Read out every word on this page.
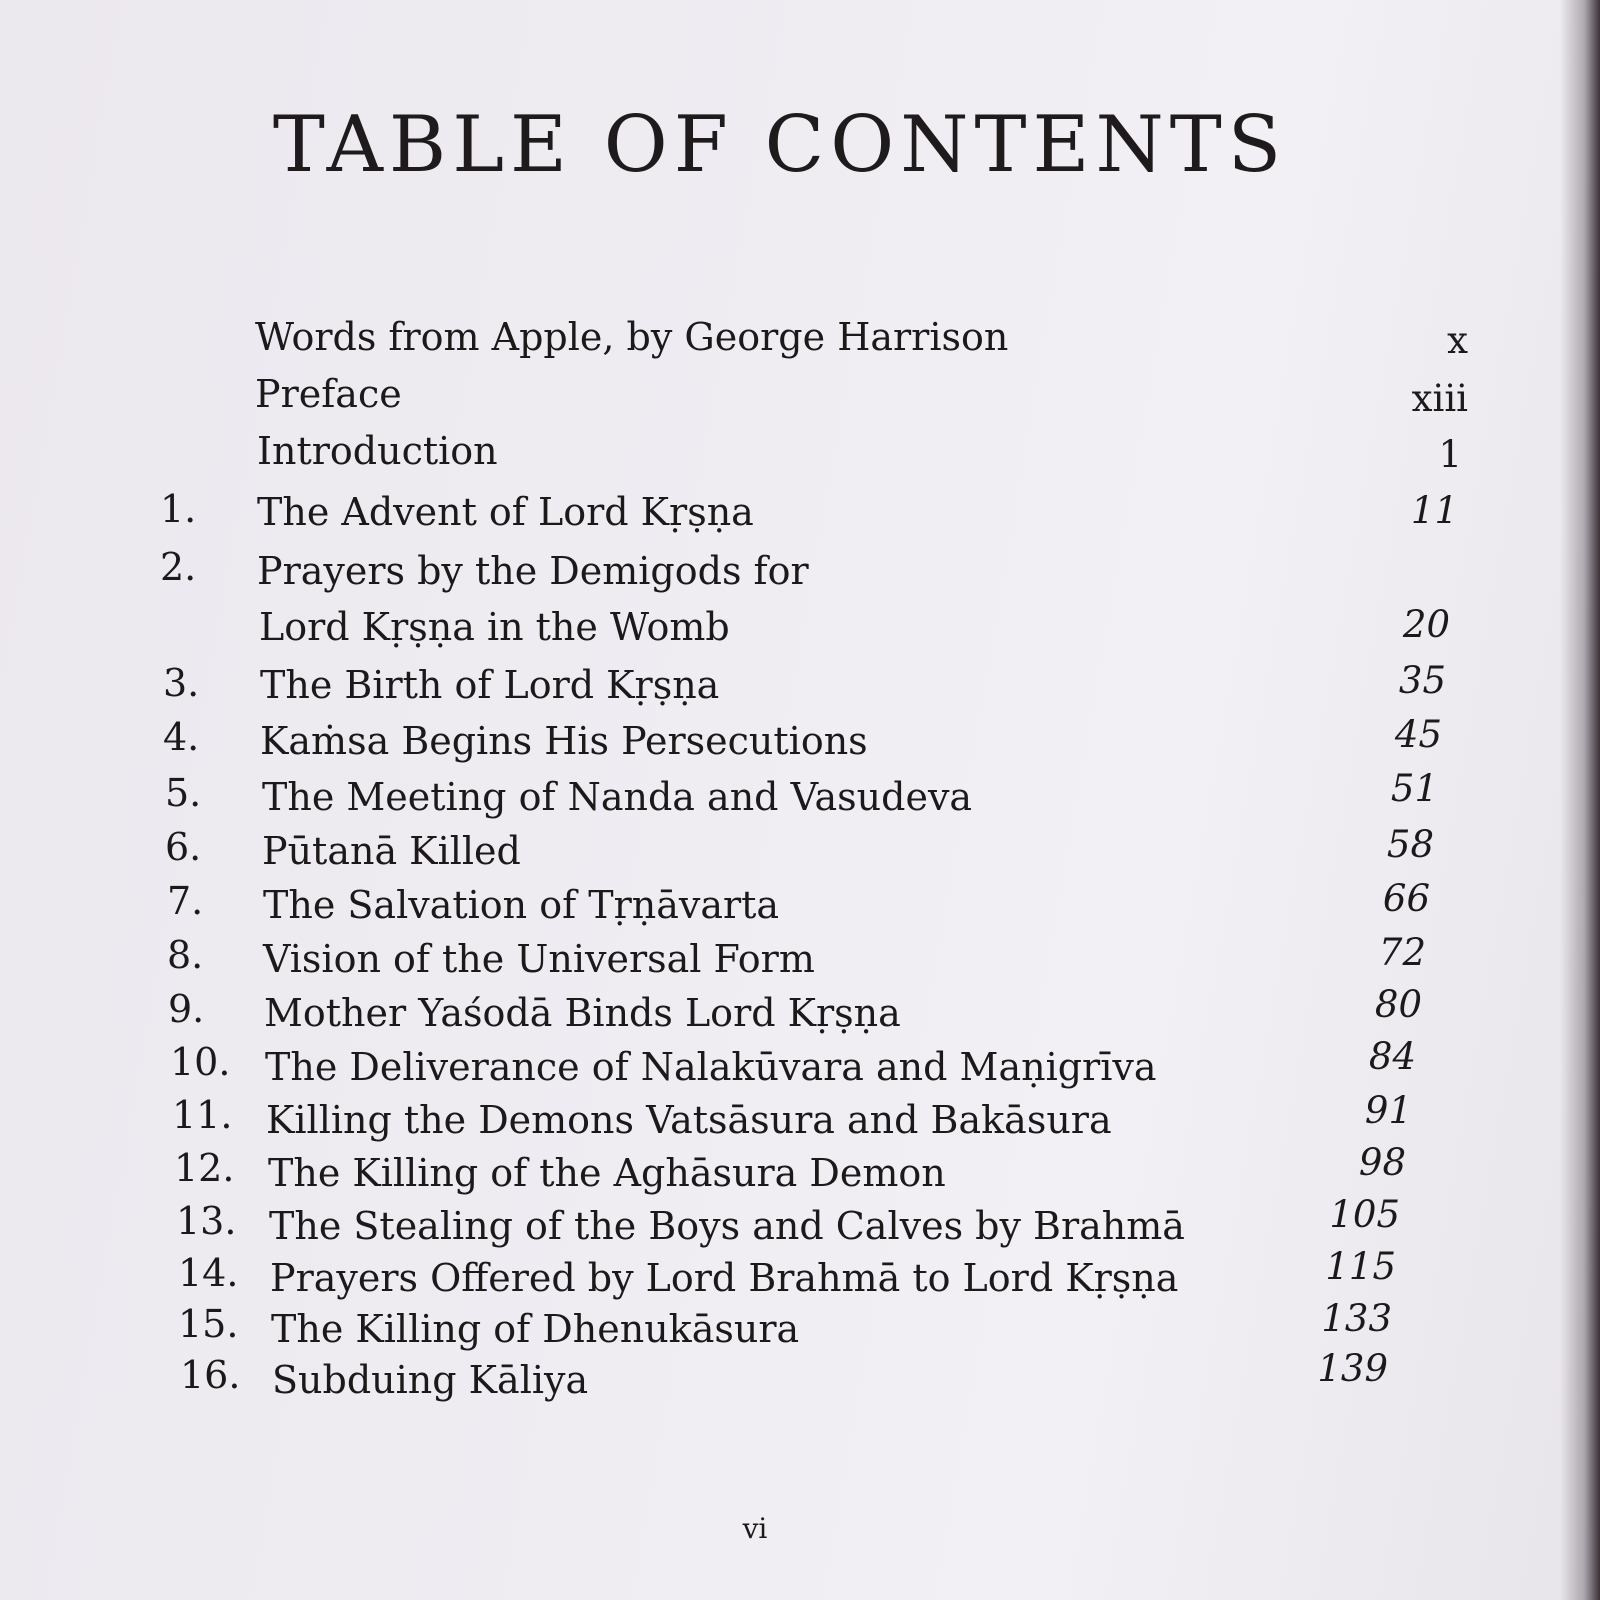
TABLE OF CONTENTS
Words from Apple, by George Harrison	x
Preface	xiii
Introduction	1
1. The Advent of Lord Kṛṣṇa	11
2. Prayers by the Demigods for
Lord Kṛṣṇa in the Womb	20
3. The Birth of Lord Kṛṣṇa	35
4. Kaṁsa Begins His Persecutions	45
5. The Meeting of Nanda and Vasudeva	51
6. Pūtanā Killed	58
7. The Salvation of Tṛṇāvarta	66
8. Vision of the Universal Form	72
9. Mother Yaśodā Binds Lord Kṛṣṇa	80
10. The Deliverance of Nalakūvara and Maṇigrīva	84
11. Killing the Demons Vatsāsura and Bakāsura	91
12. The Killing of the Aghāsura Demon	98
13. The Stealing of the Boys and Calves by Brahmā	105
14. Prayers Offered by Lord Brahmā to Lord Kṛṣṇa	115
15. The Killing of Dhenukāsura	133
16. Subduing Kāliya	139
vi
